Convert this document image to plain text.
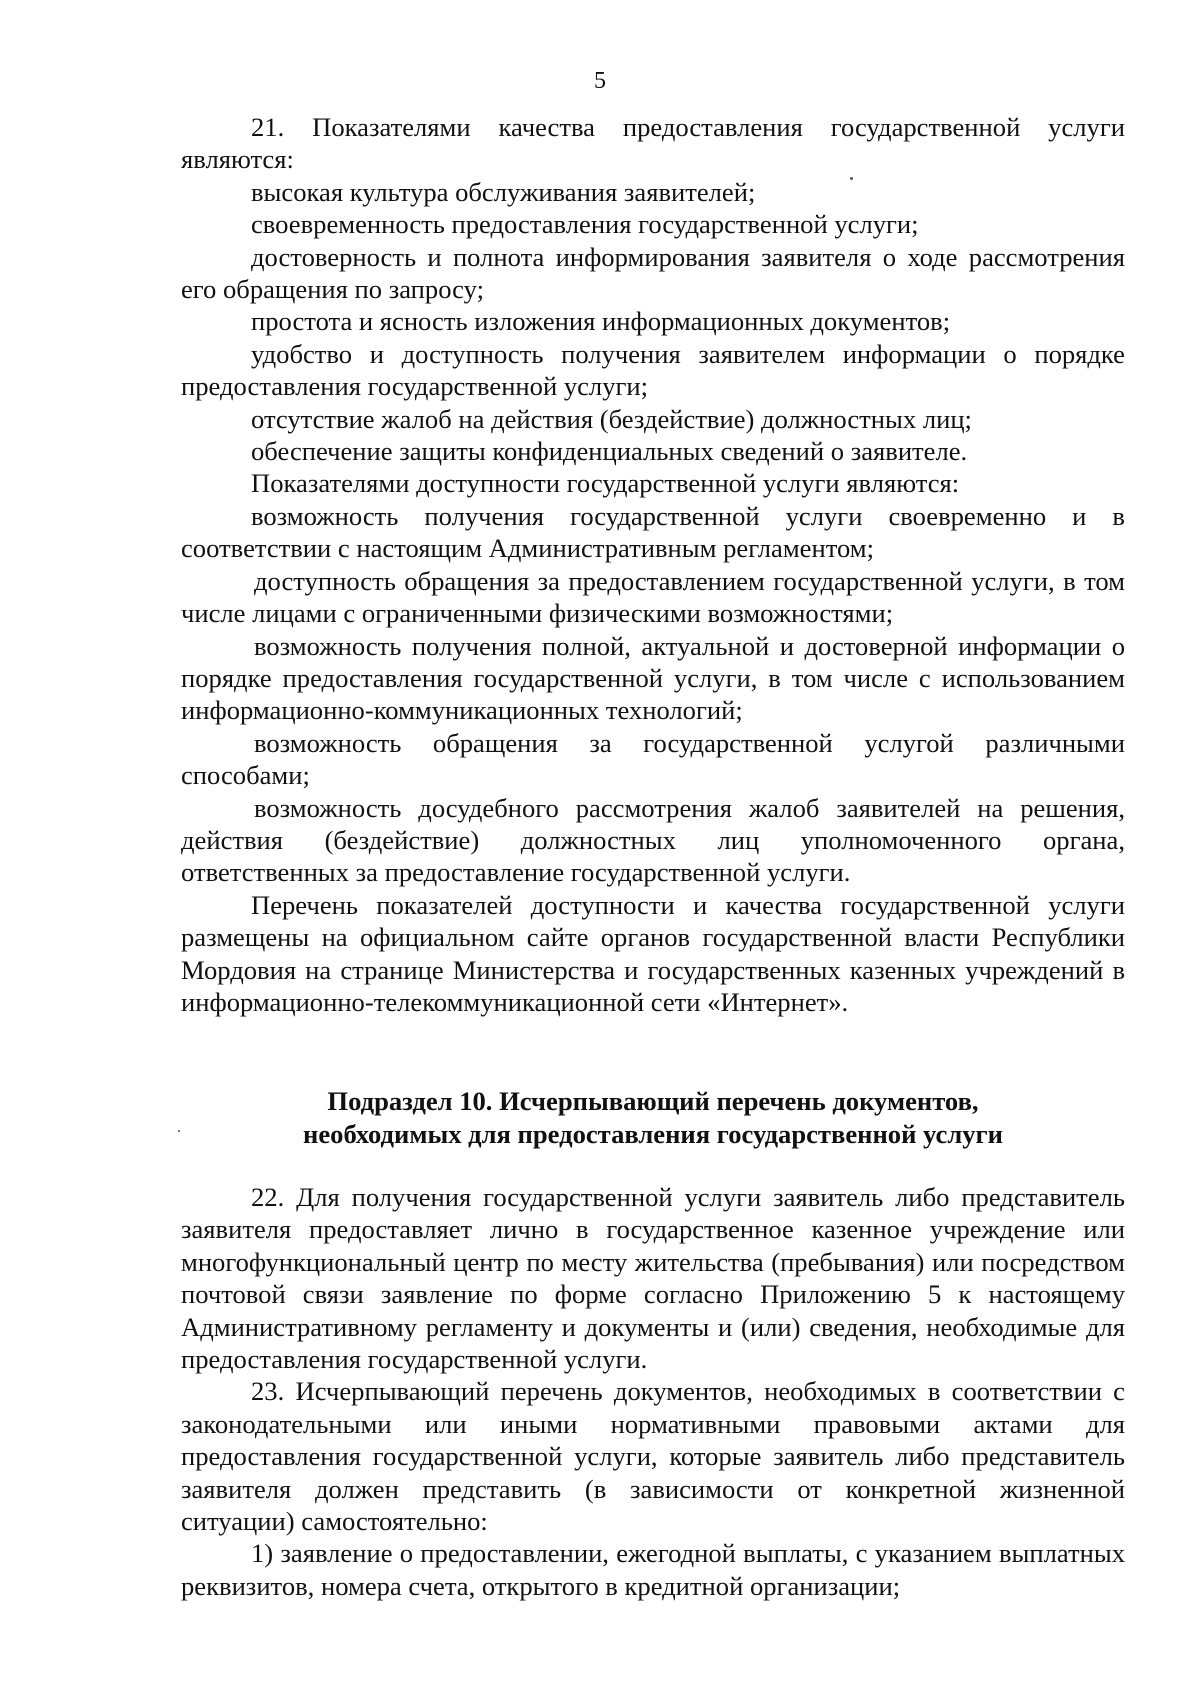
5

21. Показателями качества предоставления государственной услуги являются:

высокая культура обслуживания заявителей;

своевременность предоставления государственной услуги;

достоверность и полнота информирования заявителя о ходе рассмотрения его обращения по запросу;

простота и ясность изложения информационных документов;

удобство и доступность получения заявителем информации о порядке предоставления государственной услуги;

отсутствие жалоб на действия (бездействие) должностных лиц;

обеспечение защиты конфиденциальных сведений о заявителе.

Показателями доступности государственной услуги являются:

возможность получения государственной услуги своевременно и в соответствии с настоящим Административным регламентом;

доступность обращения за предоставлением государственной услуги, в том числе лицами с ограниченными физическими возможностями;

возможность получения полной, актуальной и достоверной информации о порядке предоставления государственной услуги, в том числе с использованием информационно-коммуникационных технологий;

возможность обращения за государственной услугой различными способами;

возможность досудебного рассмотрения жалоб заявителей на решения, действия (бездействие) должностных лиц уполномоченного органа, ответственных за предоставление государственной услуги.

Перечень показателей доступности и качества государственной услуги размещены на официальном сайте органов государственной власти Республики Мордовия на странице Министерства и государственных казенных учреждений в информационно-телекоммуникационной сети «Интернет».

Подраздел 10. Исчерпывающий перечень документов,
необходимых для предоставления государственной услуги

22. Для получения государственной услуги заявитель либо представитель заявителя предоставляет лично в государственное казенное учреждение или многофункциональный центр по месту жительства (пребывания) или посредством почтовой связи заявление по форме согласно Приложению 5 к настоящему Административному регламенту и документы и (или) сведения, необходимые для предоставления государственной услуги.

23. Исчерпывающий перечень документов, необходимых в соответствии с законодательными или иными нормативными правовыми актами для предоставления государственной услуги, которые заявитель либо представитель заявителя должен представить (в зависимости от конкретной жизненной ситуации) самостоятельно:

1) заявление о предоставлении, ежегодной выплаты, с указанием выплатных реквизитов, номера счета, открытого в кредитной организации;
